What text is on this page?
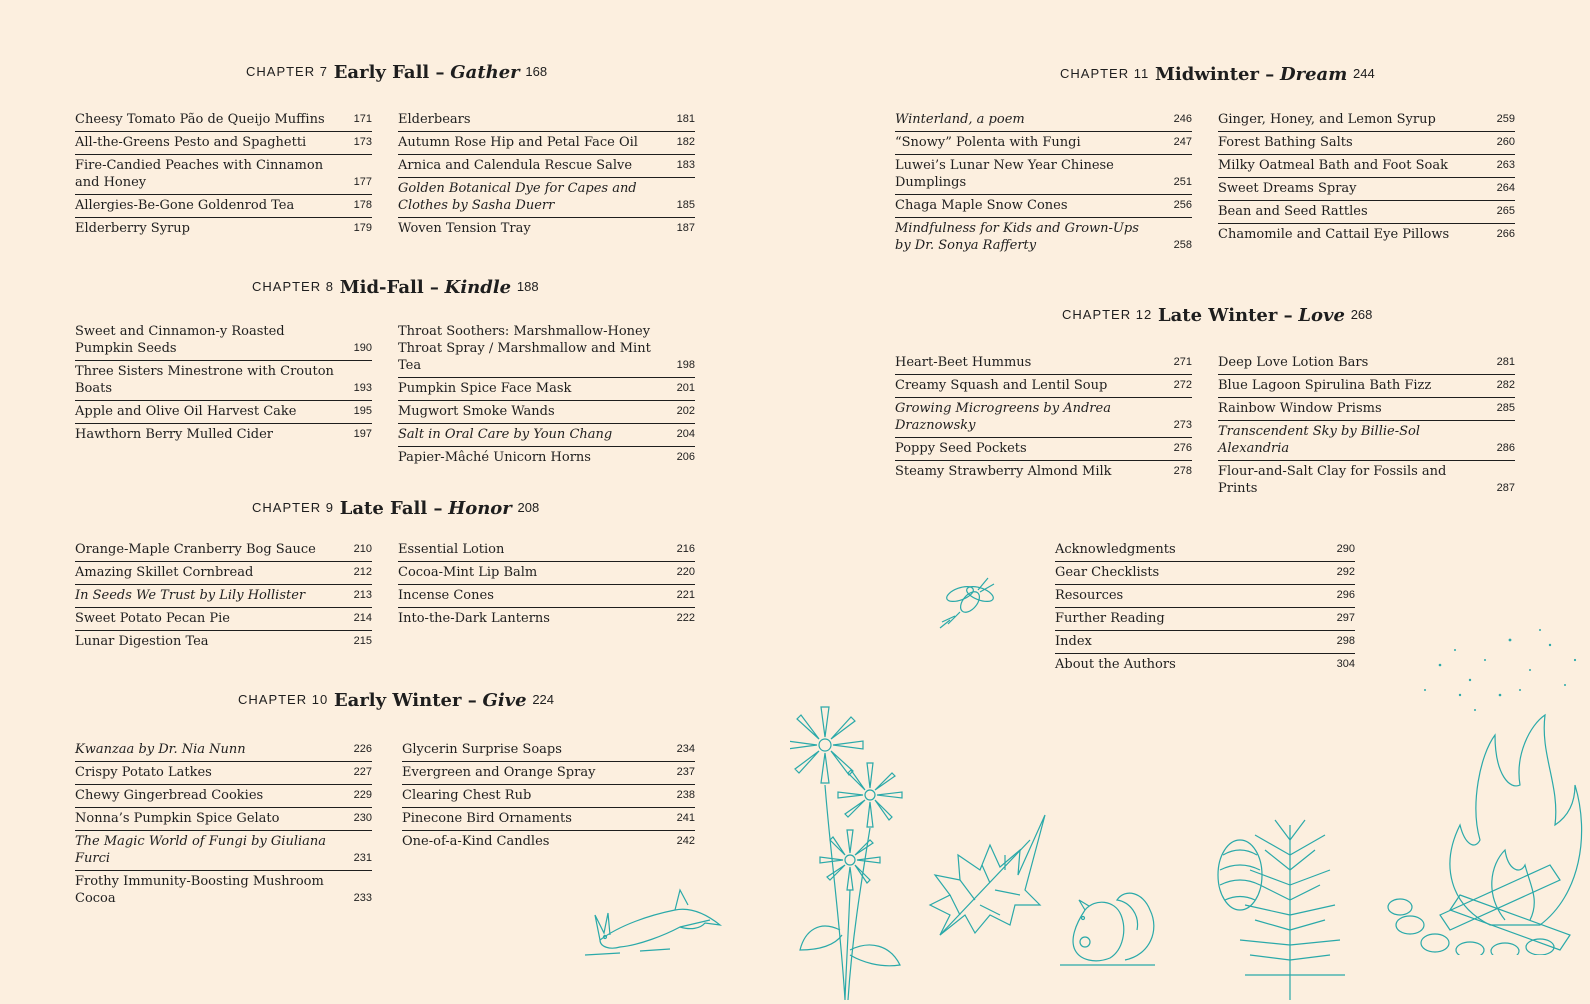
CHAPTER 7 Early Fall – Gather 168
CHAPTER 8 Mid-Fall – Kindle 188
CHAPTER 9 Late Fall – Honor 208
CHAPTER 10 Early Winter – Give 224
CHAPTER 11 Midwinter – Dream 244
CHAPTER 12 Late Winter – Love 268
Cheesy Tomato Pão de Queijo Muffins	171
All-the-Greens Pesto and Spaghetti	173
Fire-Candied Peaches with Cinnamon and Honey	177
Allergies-Be-Gone Goldenrod Tea	178
Elderberry Syrup	179
Elderbears	181
Autumn Rose Hip and Petal Face Oil	182
Arnica and Calendula Rescue Salve	183
Golden Botanical Dye for Capes and Clothes by Sasha Duerr	185
Woven Tension Tray	187
Sweet and Cinnamon-y Roasted Pumpkin Seeds	190
Three Sisters Minestrone with Crouton Boats	193
Apple and Olive Oil Harvest Cake	195
Hawthorn Berry Mulled Cider	197
Throat Soothers: Marshmallow-Honey Throat Spray / Marshmallow and Mint Tea	198
Pumpkin Spice Face Mask	201
Mugwort Smoke Wands	202
Salt in Oral Care by Youn Chang	204
Papier-Mâché Unicorn Horns	206
Orange-Maple Cranberry Bog Sauce	210
Amazing Skillet Cornbread	212
In Seeds We Trust by Lily Hollister	213
Sweet Potato Pecan Pie	214
Lunar Digestion Tea	215
Essential Lotion	216
Cocoa-Mint Lip Balm	220
Incense Cones	221
Into-the-Dark Lanterns	222
Kwanzaa by Dr. Nia Nunn	226
Crispy Potato Latkes	227
Chewy Gingerbread Cookies	229
Nonna’s Pumpkin Spice Gelato	230
The Magic World of Fungi by Giuliana Furci	231
Frothy Immunity-Boosting Mushroom Cocoa	233
Glycerin Surprise Soaps	234
Evergreen and Orange Spray	237
Clearing Chest Rub	238
Pinecone Bird Ornaments	241
One-of-a-Kind Candles	242
Winterland, a poem	246
“Snowy” Polenta with Fungi	247
Luwei’s Lunar New Year Chinese Dumplings	251
Chaga Maple Snow Cones	256
Mindfulness for Kids and Grown-Ups by Dr. Sonya Rafferty	258
Ginger, Honey, and Lemon Syrup	259
Forest Bathing Salts	260
Milky Oatmeal Bath and Foot Soak	263
Sweet Dreams Spray	264
Bean and Seed Rattles	265
Chamomile and Cattail Eye Pillows	266
Heart-Beet Hummus	271
Creamy Squash and Lentil Soup	272
Growing Microgreens by Andrea Draznowsky	273
Poppy Seed Pockets	276
Steamy Strawberry Almond Milk	278
Deep Love Lotion Bars	281
Blue Lagoon Spirulina Bath Fizz	282
Rainbow Window Prisms	285
Transcendent Sky by Billie-Sol Alexandria	286
Flour-and-Salt Clay for Fossils and Prints	287
Acknowledgments	290
Gear Checklists	292
Resources	296
Further Reading	297
Index	298
About the Authors	304
